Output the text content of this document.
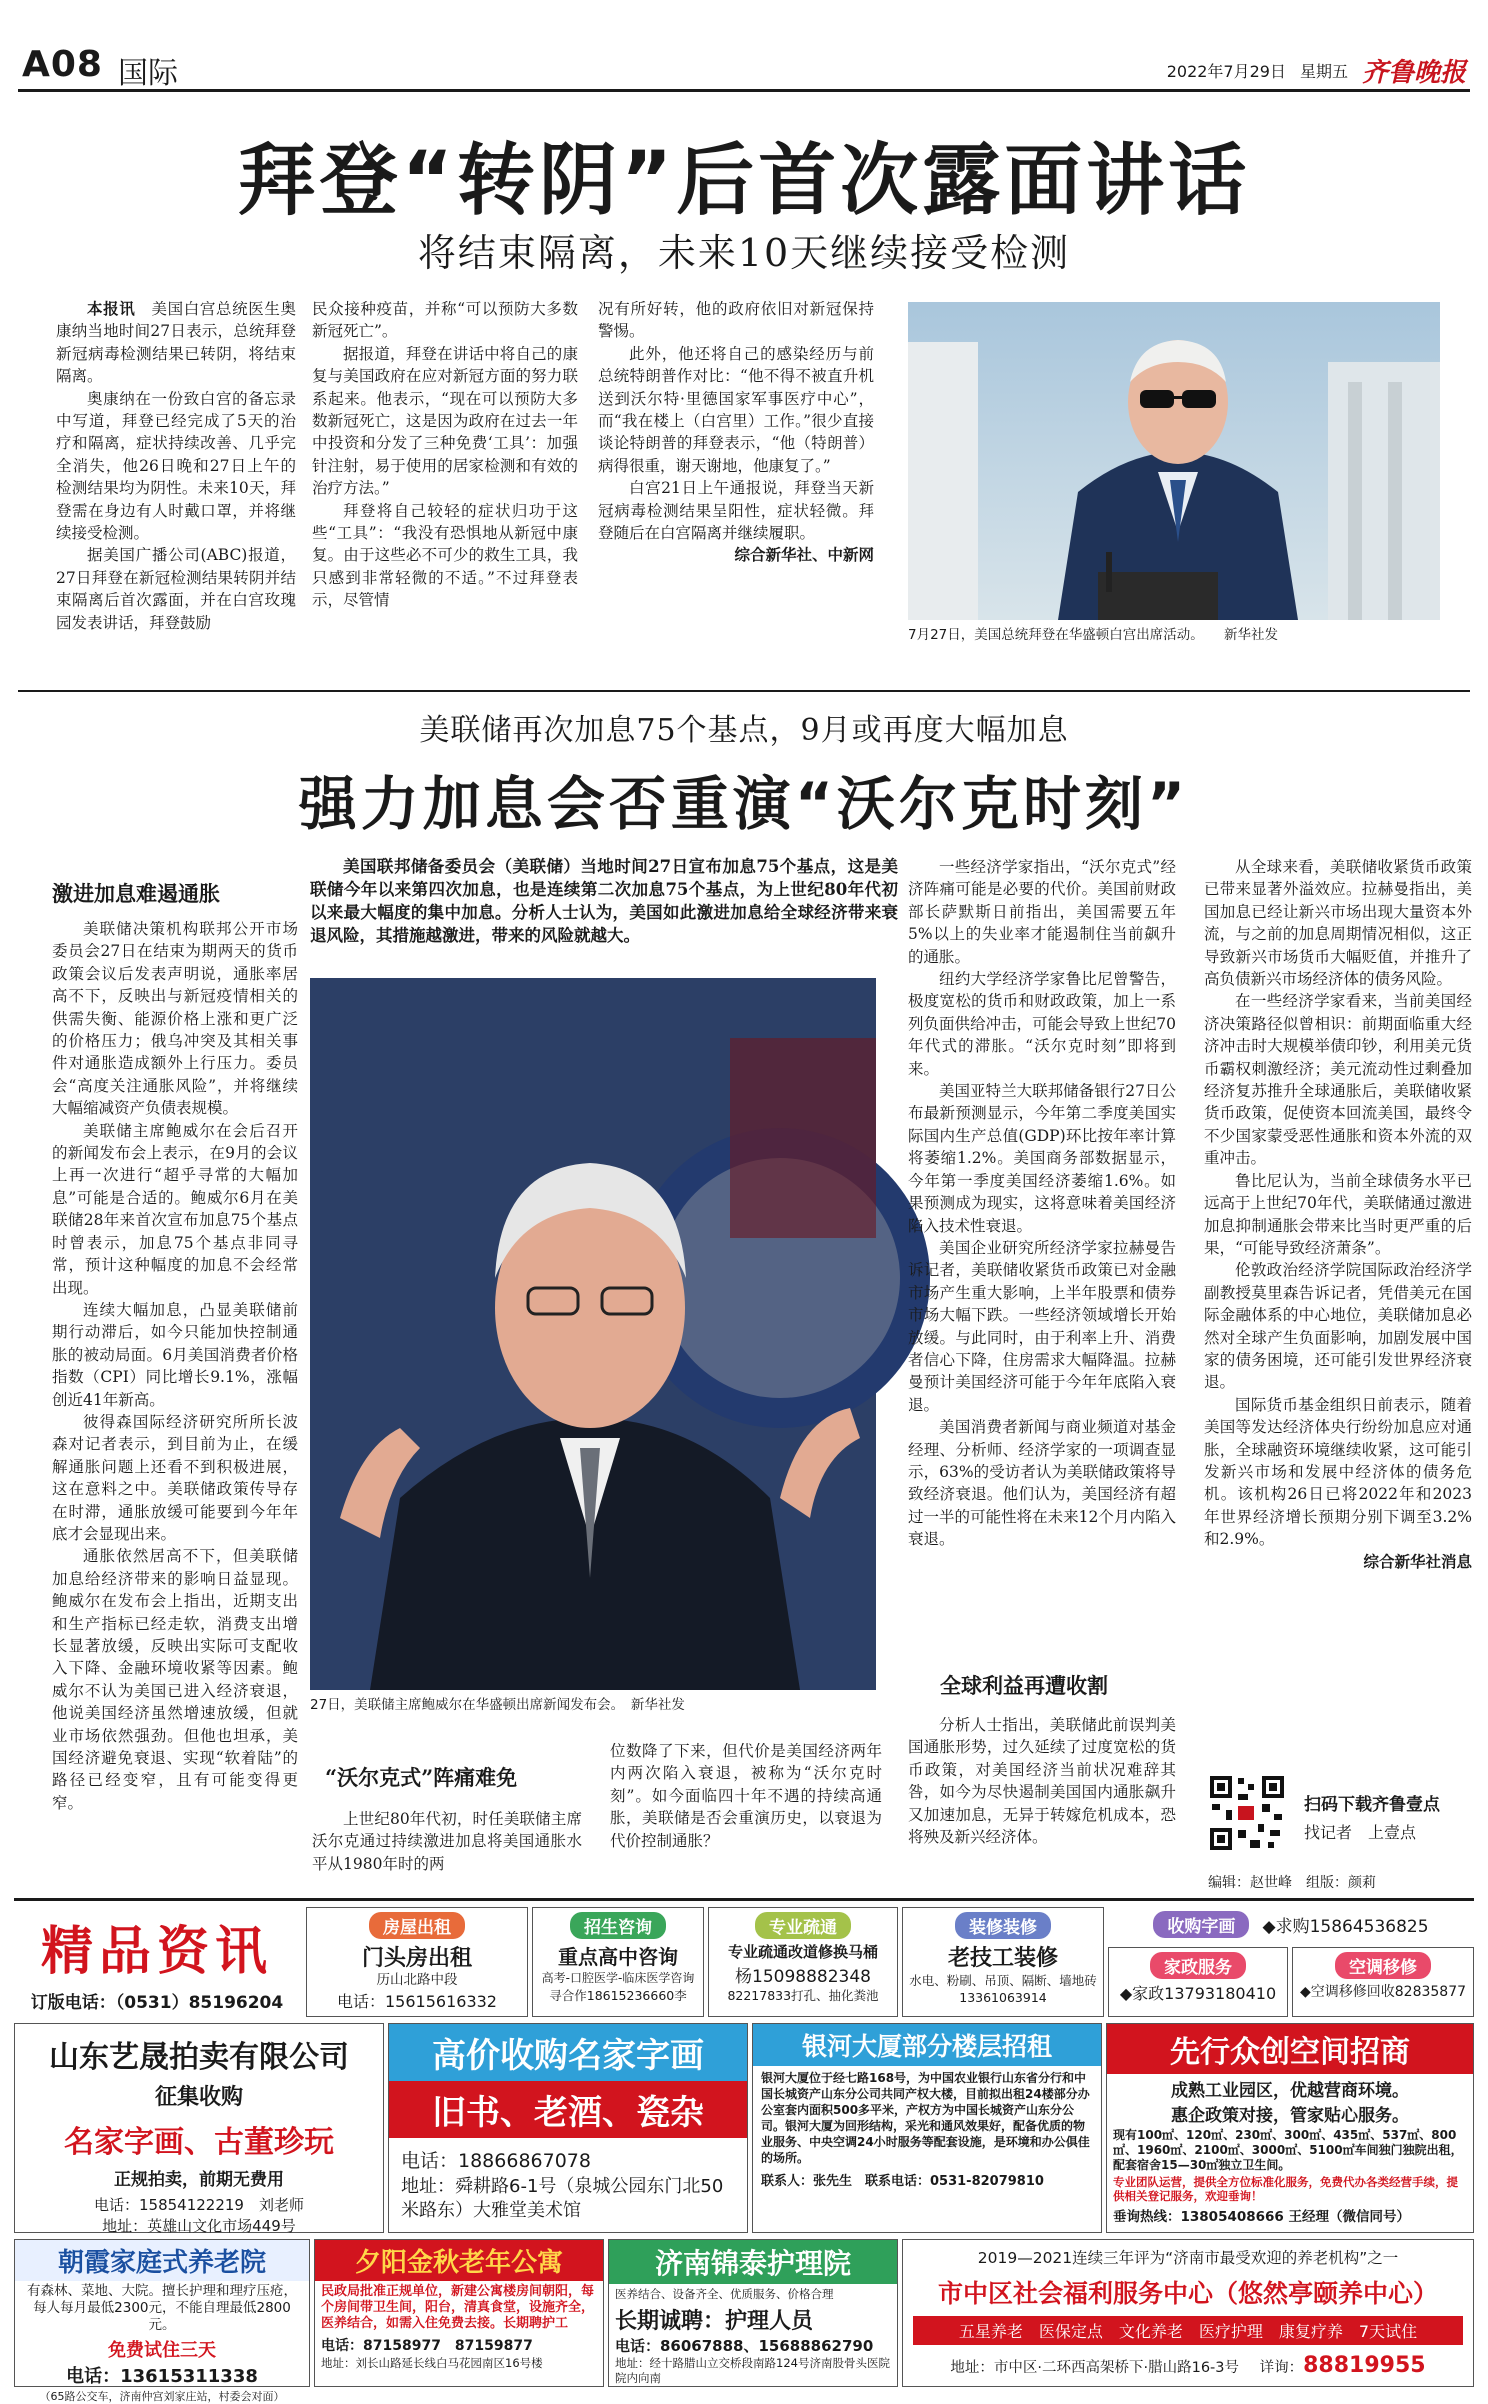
A08 国际	2022年7月29日 星期五 齐鲁晚报
拜登“转阴”后首次露面讲话
将结束隔离，未来10天继续接受检测

本报讯　 美国白宫总统医生奥康纳当地时间27日表示，总统拜登新冠病毒检测结果已转阴，将结束隔离。

奥康纳在一份致白宫的备忘录中写道，拜登已经完成了5天的治疗和隔离，症状持续改善、几乎完全消失，他26日晚和27日上午的检测结果均为阴性。未来10天，拜登需在身边有人时戴口罩，并将继续接受检测。

据美国广播公司(ABC)报道，27日拜登在新冠检测结果转阴并结束隔离后首次露面，并在白宫玫瑰园发表讲话，拜登鼓励

民众接种疫苗，并称“可以预防大多数新冠死亡”。

据报道，拜登在讲话中将自己的康复与美国政府在应对新冠方面的努力联系起来。他表示，“现在可以预防大多数新冠死亡，这是因为政府在过去一年中投资和分发了三种免费‘工具’：加强针注射，易于使用的居家检测和有效的治疗方法。”

拜登将自己较轻的症状归功于这些“工具”：“我没有恐惧地从新冠中康复。由于这些必不可少的救生工具，我只感到非常轻微的不适。”不过拜登表示，尽管情

况有所好转，他的政府依旧对新冠保持警惕。

此外，他还将自己的感染经历与前总统特朗普作对比：“他不得不被直升机送到沃尔特·里德国家军事医疗中心”，而“我在楼上（白宫里）工作。”很少直接谈论特朗普的拜登表示，“他（特朗普）病得很重，谢天谢地，他康复了。”

白宫21日上午通报说，拜登当天新冠病毒检测结果呈阳性，症状轻微。拜登随后在白宫隔离并继续履职。

综合新华社、中新网

7月27日，美国总统拜登在华盛顿白宫出席活动。　　新华社发
美联储再次加息75个基点，9月或再度大幅加息
强力加息会否重演“沃尔克时刻”
激进加息难遏通胀

美联储决策机构联邦公开市场委员会27日在结束为期两天的货币政策会议后发表声明说，通胀率居高不下，反映出与新冠疫情相关的供需失衡、能源价格上涨和更广泛的价格压力；俄乌冲突及其相关事件对通胀造成额外上行压力。委员会“高度关注通胀风险”，并将继续大幅缩减资产负债表规模。

美联储主席鲍威尔在会后召开的新闻发布会上表示，在9月的会议上再一次进行“超乎寻常的大幅加息”可能是合适的。鲍威尔6月在美联储28年来首次宣布加息75个基点时曾表示，加息75个基点非同寻常，预计这种幅度的加息不会经常出现。

连续大幅加息，凸显美联储前期行动滞后，如今只能加快控制通胀的被动局面。6月美国消费者价格指数（CPI）同比增长9.1%，涨幅创近41年新高。

彼得森国际经济研究所所长波森对记者表示，到目前为止，在缓解通胀问题上还看不到积极进展，这在意料之中。美联储政策传导存在时滞，通胀放缓可能要到今年年底才会显现出来。

通胀依然居高不下，但美联储加息给经济带来的影响日益显现。鲍威尔在发布会上指出，近期支出和生产指标已经走软，消费支出增长显著放缓，反映出实际可支配收入下降、金融环境收紧等因素。鲍威尔不认为美国已进入经济衰退，他说美国经济虽然增速放缓，但就业市场依然强劲。但他也坦承，美国经济避免衰退、实现“软着陆”的路径已经变窄，且有可能变得更窄。

美国联邦储备委员会（美联储）当地时间27日宣布加息75个基点，这是美联储今年以来第四次加息，也是连续第二次加息75个基点，为上世纪80年代初以来最大幅度的集中加息。分析人士认为，美国如此激进加息给全球经济带来衰退风险，其措施越激进，带来的风险就越大。

27日，美联储主席鲍威尔在华盛顿出席新闻发布会。　新华社发
“沃尔克式”阵痛难免

上世纪80年代初，时任美联储主席沃尔克通过持续激进加息将美国通胀水平从1980年时的两

位数降了下来，但代价是美国经济两年内两次陷入衰退，被称为“沃尔克时刻”。如今面临四十年不遇的持续高通胀，美联储是否会重演历史，以衰退为代价控制通胀？

一些经济学家指出，“沃尔克式”经济阵痛可能是必要的代价。美国前财政部长萨默斯日前指出，美国需要五年5%以上的失业率才能遏制住当前飙升的通胀。

纽约大学经济学家鲁比尼曾警告，极度宽松的货币和财政政策，加上一系列负面供给冲击，可能会导致上世纪70年代式的滞胀。“沃尔克时刻”即将到来。

美国亚特兰大联邦储备银行27日公布最新预测显示，今年第二季度美国实际国内生产总值(GDP)环比按年率计算将萎缩1.2%。美国商务部数据显示，今年第一季度美国经济萎缩1.6%。如果预测成为现实，这将意味着美国经济陷入技术性衰退。

美国企业研究所经济学家拉赫曼告诉记者，美联储收紧货币政策已对金融市场产生重大影响，上半年股票和债券市场大幅下跌。一些经济领域增长开始放缓。与此同时，由于利率上升、消费者信心下降，住房需求大幅降温。拉赫曼预计美国经济可能于今年年底陷入衰退。

美国消费者新闻与商业频道对基金经理、分析师、经济学家的一项调查显示，63%的受访者认为美联储政策将导致经济衰退。他们认为，美国经济有超过一半的可能性将在未来12个月内陷入衰退。

全球利益再遭收割

分析人士指出，美联储此前误判美国通胀形势，过久延续了过度宽松的货币政策，对美国经济当前状况难辞其咎，如今为尽快遏制美国国内通胀飙升又加速加息，无异于转嫁危机成本，恐将殃及新兴经济体。

从全球来看，美联储收紧货币政策已带来显著外溢效应。拉赫曼指出，美国加息已经让新兴市场出现大量资本外流，与之前的加息周期情况相似，这正导致新兴市场货币大幅贬值，并推升了高负债新兴市场经济体的债务风险。

在一些经济学家看来，当前美国经济决策路径似曾相识：前期面临重大经济冲击时大规模举债印钞，利用美元货币霸权刺激经济；美元流动性过剩叠加经济复苏推升全球通胀后，美联储收紧货币政策，促使资本回流美国，最终令不少国家蒙受恶性通胀和资本外流的双重冲击。

鲁比尼认为，当前全球债务水平已远高于上世纪70年代，美联储通过激进加息抑制通胀会带来比当时更严重的后果，“可能导致经济萧条”。

伦敦政治经济学院国际政治经济学副教授莫里森告诉记者，凭借美元在国际金融体系的中心地位，美联储加息必然对全球产生负面影响，加剧发展中国家的债务困境，还可能引发世界经济衰退。

国际货币基金组织日前表示，随着美国等发达经济体央行纷纷加息应对通胀，全球融资环境继续收紧，这可能引发新兴市场和发展中经济体的债务危机。该机构26日已将2022年和2023年世界经济增长预期分别下调至3.2%和2.9%。

综合新华社消息

扫码下载齐鲁壹点
找记者　上壹点
编辑：赵世峰　组版：颜莉
精品资讯
订版电话：（0531）85196204
房屋出租
门头房出租
历山北路中段
电话：15615616332
招生咨询
重点高中咨询
高考-口腔医学-临床医学咨询
寻合作18615236660李
专业疏通
专业疏通改道修换马桶
杨15098882348
82217833打孔、抽化粪池
装修装修
老技工装修
水电、粉刷、吊顶、隔断、墙地砖13361063914
收购字画 ◆求购15864536825
家政服务
◆家政13793180410
空调移修
◆空调移修回收82835877
山东艺晟拍卖有限公司
征集收购
名家字画、古董珍玩
正规拍卖，前期无费用
电话：15854122219　刘老师
地址：英雄山文化市场449号
高价收购名家字画
旧书、老酒、瓷杂
电话：18866867078
地址：舜耕路6-1号（泉城公园东门北50米路东）大雅堂美术馆
银河大厦部分楼层招租
银河大厦位于经七路168号，为中国农业银行山东省分行和中国长城资产山东分公司共同产权大楼，目前拟出租24楼部分办公室套内面积500多平米，产权方为中国长城资产山东分公司。银河大厦为回形结构，采光和通风效果好，配备优质的物业服务、中央空调24小时服务等配套设施，是环境和办公俱佳的场所。
联系人：张先生　联系电话：0531-82079810
先行众创空间招商
成熟工业园区，优越营商环境。
惠企政策对接，管家贴心服务。
现有100㎡、120㎡、230㎡、300㎡、435㎡、537㎡、800㎡、1960㎡、2100㎡、3000㎡、5100㎡车间独门独院出租，配套宿舍15—30㎡独立卫生间。
专业团队运营，提供全方位标准化服务，免费代办各类经营手续，提供相关登记服务，欢迎垂询！
垂询热线：13805408666 王经理（微信同号）
朝霞家庭式养老院
有森林、菜地、大院。擅长护理和理疗压疮，每人每月最低2300元，不能自理最低2800元。
免费试住三天
电话：13615311338
（65路公交车，济南仲宫刘家庄站，村委会对面）
夕阳金秋老年公寓
民政局批准正规单位，新建公寓楼房间朝阳，每个房间带卫生间，阳台，清真食堂，设施齐全，医养结合，如需入住免费去接。长期聘护工
电话：87158977　87159877
地址：刘长山路延长线白马花园南区16号楼
济南锦泰护理院
医养结合、设备齐全、优质服务、价格合理
长期诚聘：护理人员
电话：86067888、15688862790
地址：经十路腊山立交桥段南路124号济南股骨头医院院内向南
2019—2021连续三年评为“济南市最受欢迎的养老机构”之一
市中区社会福利服务中心（悠然亭颐养中心）
五星养老　医保定点　文化养老　医疗护理　康复疗养　7天试住
地址：市中区·二环西高架桥下·腊山路16-3号 详询：88819955
